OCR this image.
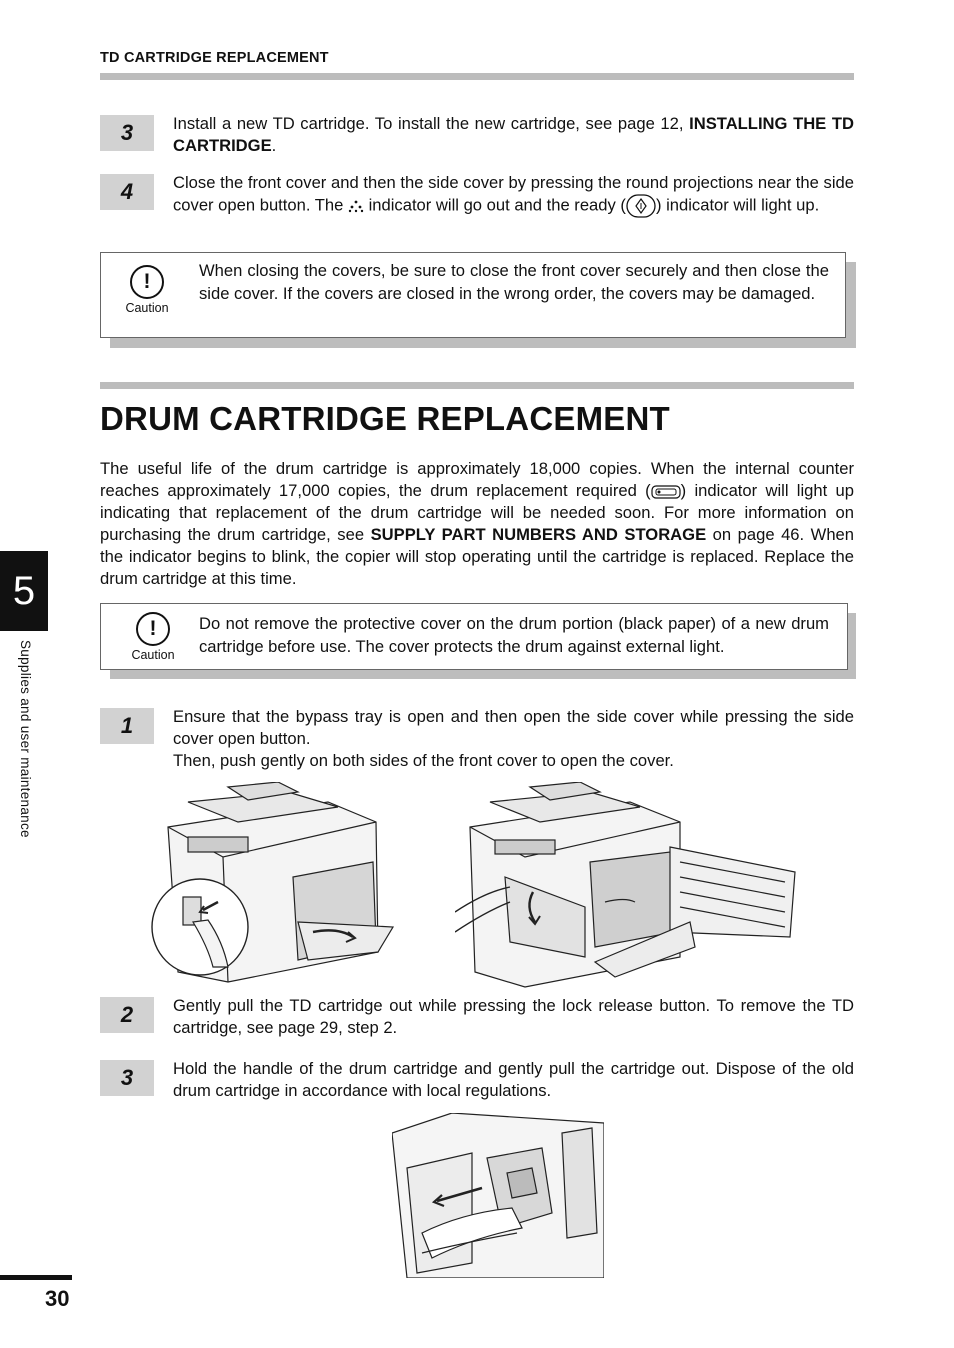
TD CARTRIDGE REPLACEMENT
3	Install a new TD cartridge. To install the new cartridge, see page 12, INSTALLING THE TD CARTRIDGE.
4	Close the front cover and then the side cover by pressing the round projections near the side cover open button. The  indicator will go out and the ready ( ) indicator will light up.
!
Caution
When closing the covers, be sure to close the front cover securely and then close the side cover. If the covers are closed in the wrong order, the covers may be damaged.
DRUM CARTRIDGE REPLACEMENT
The useful life of the drum cartridge is approximately 18,000 copies. When the internal counter reaches approximately 17,000 copies, the drum replacement required ( ) indicator will light up indicating that replacement of the drum cartridge will be needed soon. For more information on purchasing the drum cartridge, see SUPPLY PART NUMBERS AND STORAGE on page 46. When the indicator begins to blink, the copier will stop operating until the cartridge is replaced. Replace the drum cartridge at this time.
!
Caution
Do not remove the protective cover on the drum portion (black paper) of a new drum cartridge before use. The cover protects the drum against external light.
1	Ensure that the bypass tray is open and then open the side cover while pressing the side cover open button.
Then, push gently on both sides of the front cover to open the cover.
2	Gently pull the TD cartridge out while pressing the lock release button. To remove the TD cartridge, see page 29, step 2.
3	Hold the handle of the drum cartridge and gently pull the cartridge out. Dispose of the old drum cartridge in accordance with local regulations.
5
Supplies and user maintenance
30
